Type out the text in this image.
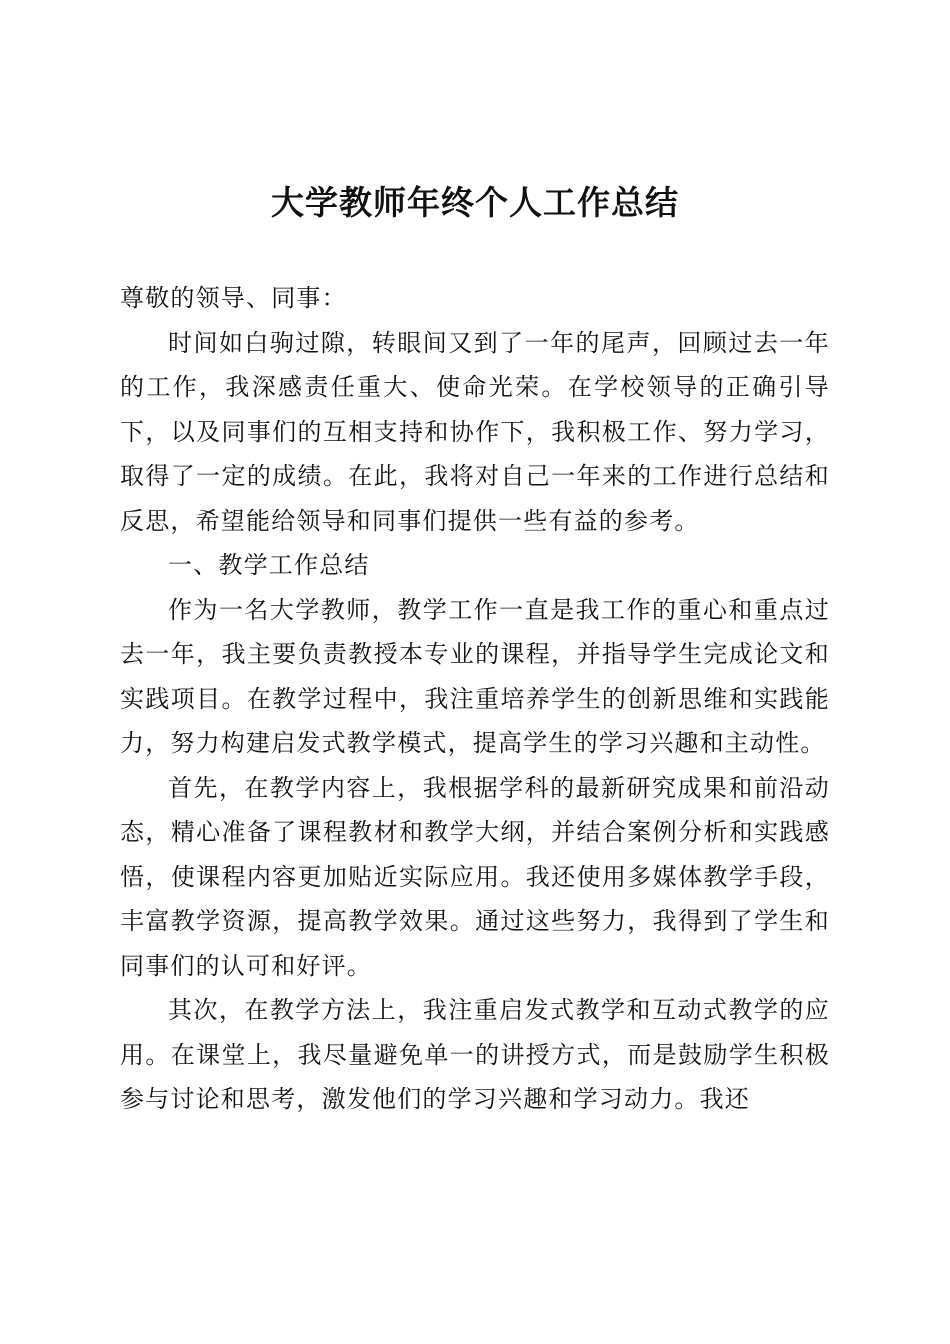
大学教师年终个人工作总结

尊敬的领导、同事：

时间如白驹过隙，转眼间又到了一年的尾声，回顾过去一年的工作，我深感责任重大、使命光荣。在学校领导的正确引导下，以及同事们的互相支持和协作下，我积极工作、努力学习，取得了一定的成绩。在此，我将对自己一年来的工作进行总结和反思，希望能给领导和同事们提供一些有益的参考。

一、教学工作总结

作为一名大学教师，教学工作一直是我工作的重心和重点过去一年，我主要负责教授本专业的课程，并指导学生完成论文和实践项目。在教学过程中，我注重培养学生的创新思维和实践能力，努力构建启发式教学模式，提高学生的学习兴趣和主动性。

首先，在教学内容上，我根据学科的最新研究成果和前沿动态，精心准备了课程教材和教学大纲，并结合案例分析和实践感悟，使课程内容更加贴近实际应用。我还使用多媒体教学手段，丰富教学资源，提高教学效果。通过这些努力，我得到了学生和同事们的认可和好评。

其次，在教学方法上，我注重启发式教学和互动式教学的应用。在课堂上，我尽量避免单一的讲授方式，而是鼓励学生积极参与讨论和思考，激发他们的学习兴趣和学习动力。我还
